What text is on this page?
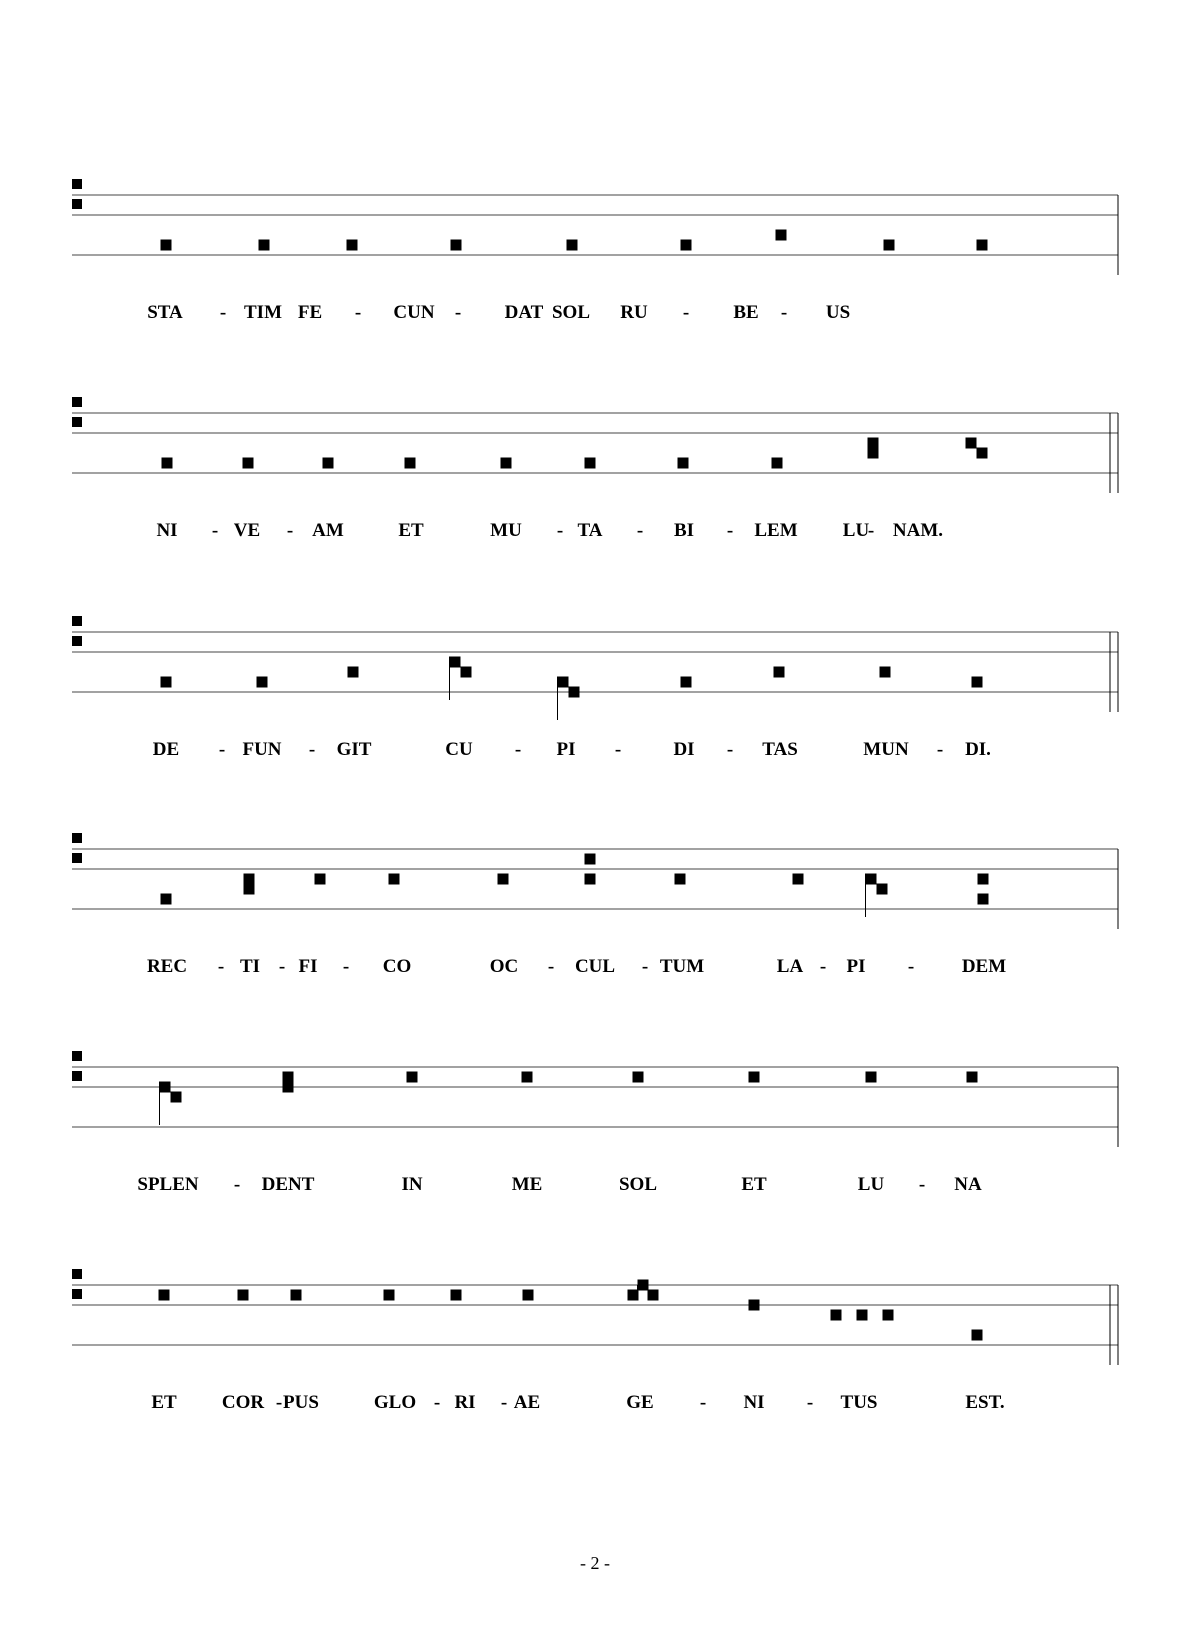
- 2 -
STA - TIM FE - CUN - DAT SOL RU - BE - US
NI - VE - AM	ET	MU - TA - BI - LEM LU
- NAM.
DE - FUN - GIT	CU - PI -	DI - TAS	MUN - DI.
REC - TI - FI - CO	OC - CUL - TUM	LA - PI -	DEM
SPLEN - DENT	IN	ME	SOL	ET	LU - NA
ET COR - PUS	GLO - RI - AE	GE - NI - TUS	EST.
